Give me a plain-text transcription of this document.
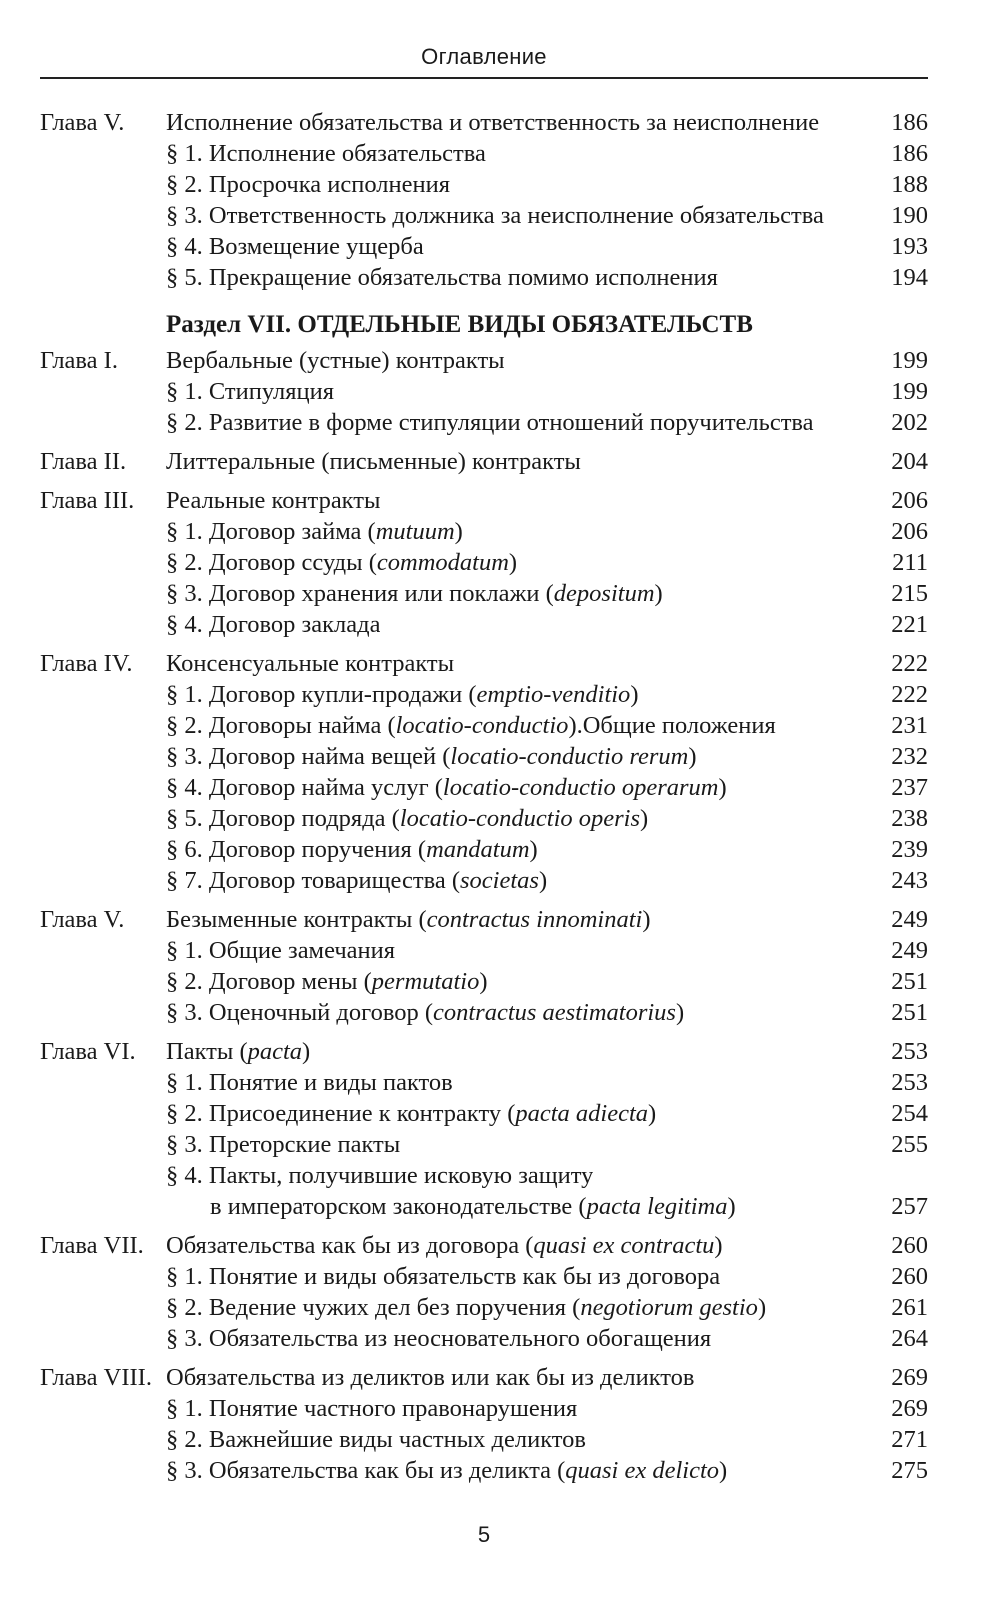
Оглавление
Глава V.	Исполнение обязательства и ответственность за неисполнение	186
§ 1. Исполнение обязательства	186
§ 2. Просрочка исполнения	188
§ 3. Ответственность должника за неисполнение обязательства	190
§ 4. Возмещение ущерба	193
§ 5. Прекращение обязательства помимо исполнения	194
Раздел VII. ОТДЕЛЬНЫЕ ВИДЫ ОБЯЗАТЕЛЬСТВ
Глава I.	Вербальные (устные) контракты	199
§ 1. Стипуляция	199
§ 2. Развитие в форме стипуляции отношений поручительства	202
Глава II.	Литтеральные (письменные) контракты	204
Глава III.	Реальные контракты	206
§ 1. Договор займа (mutuum)	206
§ 2. Договор ссуды (commodatum)	211
§ 3. Договор хранения или поклажи (depositum)	215
§ 4. Договор заклада	221
Глава IV.	Консенсуальные контракты	222
§ 1. Договор купли-продажи (emptio-venditio)	222
§ 2. Договоры найма (locatio-conductio).Общие положения	231
§ 3. Договор найма вещей (locatio-conductio rerum)	232
§ 4. Договор найма услуг (locatio-conductio operarum)	237
§ 5. Договор подряда (locatio-conductio operis)	238
§ 6. Договор поручения (mandatum)	239
§ 7. Договор товарищества (societas)	243
Глава V.	Безыменные контракты (contractus innominati)	249
§ 1. Общие замечания	249
§ 2. Договор мены (permutatio)	251
§ 3. Оценочный договор (contractus aestimatorius)	251
Глава VI.	Пакты (pacta)	253
§ 1. Понятие и виды пактов	253
§ 2. Присоединение к контракту (pacta adiecta)	254
§ 3. Преторские пакты	255
§ 4. Пакты, получившие исковую защиту
в императорском законодательстве (pacta legitima)	257
Глава VII. Обязательства как бы из договора (quasi ex contractu)	260
§ 1. Понятие и виды обязательств как бы из договора	260
§ 2. Ведение чужих дел без поручения (negotiorum gestio)	261
§ 3. Обязательства из неосновательного обогащения	264
Глава VIII. Обязательства из деликтов или как бы из деликтов	269
§ 1. Понятие частного правонарушения	269
§ 2. Важнейшие виды частных деликтов	271
§ 3. Обязательства как бы из деликта (quasi ex delicto)	275
5
